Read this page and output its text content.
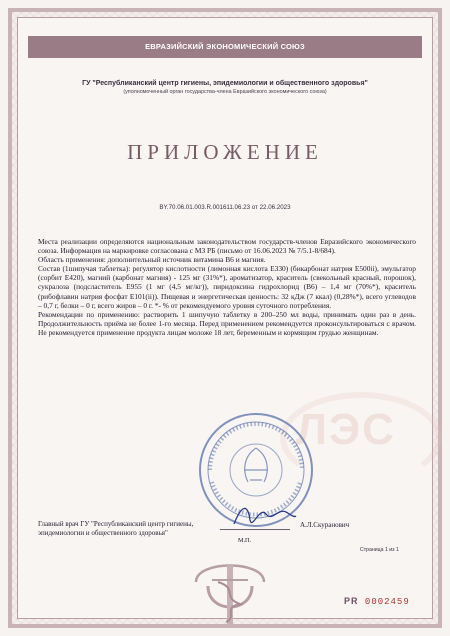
ЕВРАЗИЙСКИЙ ЭКОНОМИЧЕСКИЙ СОЮЗ
ГУ "Республиканский центр гигиены, эпидемиологии и общественного здоровья"
(уполномоченный орган государства-члена Евразийского экономического союза)
ПРИЛОЖЕНИЕ
BY.70.06.01.003.R.001611.06.23 от 22.06.2023
ЛЭС

Места реализации определяются национальным законодательством государств-членов Евразийского экономического союза. Информация на маркировке согласована с МЗ РБ (письмо от 16.06.2023 № 7/5.1-8/684).

Область применения: дополнительный источник витамина B6 и магния.

Состав (1шипучая таблетка): регулятор кислотности (лимонная кислота E330) (бикарбонат натрия E500ii), эмульгатор (сорбит E420), магний (карбонат магния) - 125 мг (31%*), ароматизатор, краситель (свекольный красный, порошок), сукралоза (подсластитель E955 (1 мг (4,5 мг/кг)), пиридоксина гидрохлорид (B6) – 1,4 мг (70%*), краситель (рибофлавин натрия фосфат E101(ii)). Пищевая и энергетическая ценность: 32 кДж (7 ккал) (0,28%*), всего углеводов – 0,7 г, белки – 0 г, всего жиров – 0 г. *- % от рекомендуемого уровня суточного потребления.

Рекомендации по применению: растворить 1 шипучую таблетку в 200–250 мл воды, принимать один раз в день. Продолжительность приёма не более 1-го месяца. Перед применением рекомендуется проконсультироваться с врачом. Не рекомендуется применение продукта лицам моложе 18 лет, беременным и кормящим грудью женщинам.

Главный врач ГУ "Республиканский центр гигиены, эпидемиологии и общественного здоровья"
М.П.
А.Л.Скуранович
Страница 1 из 1
PR 0002459
